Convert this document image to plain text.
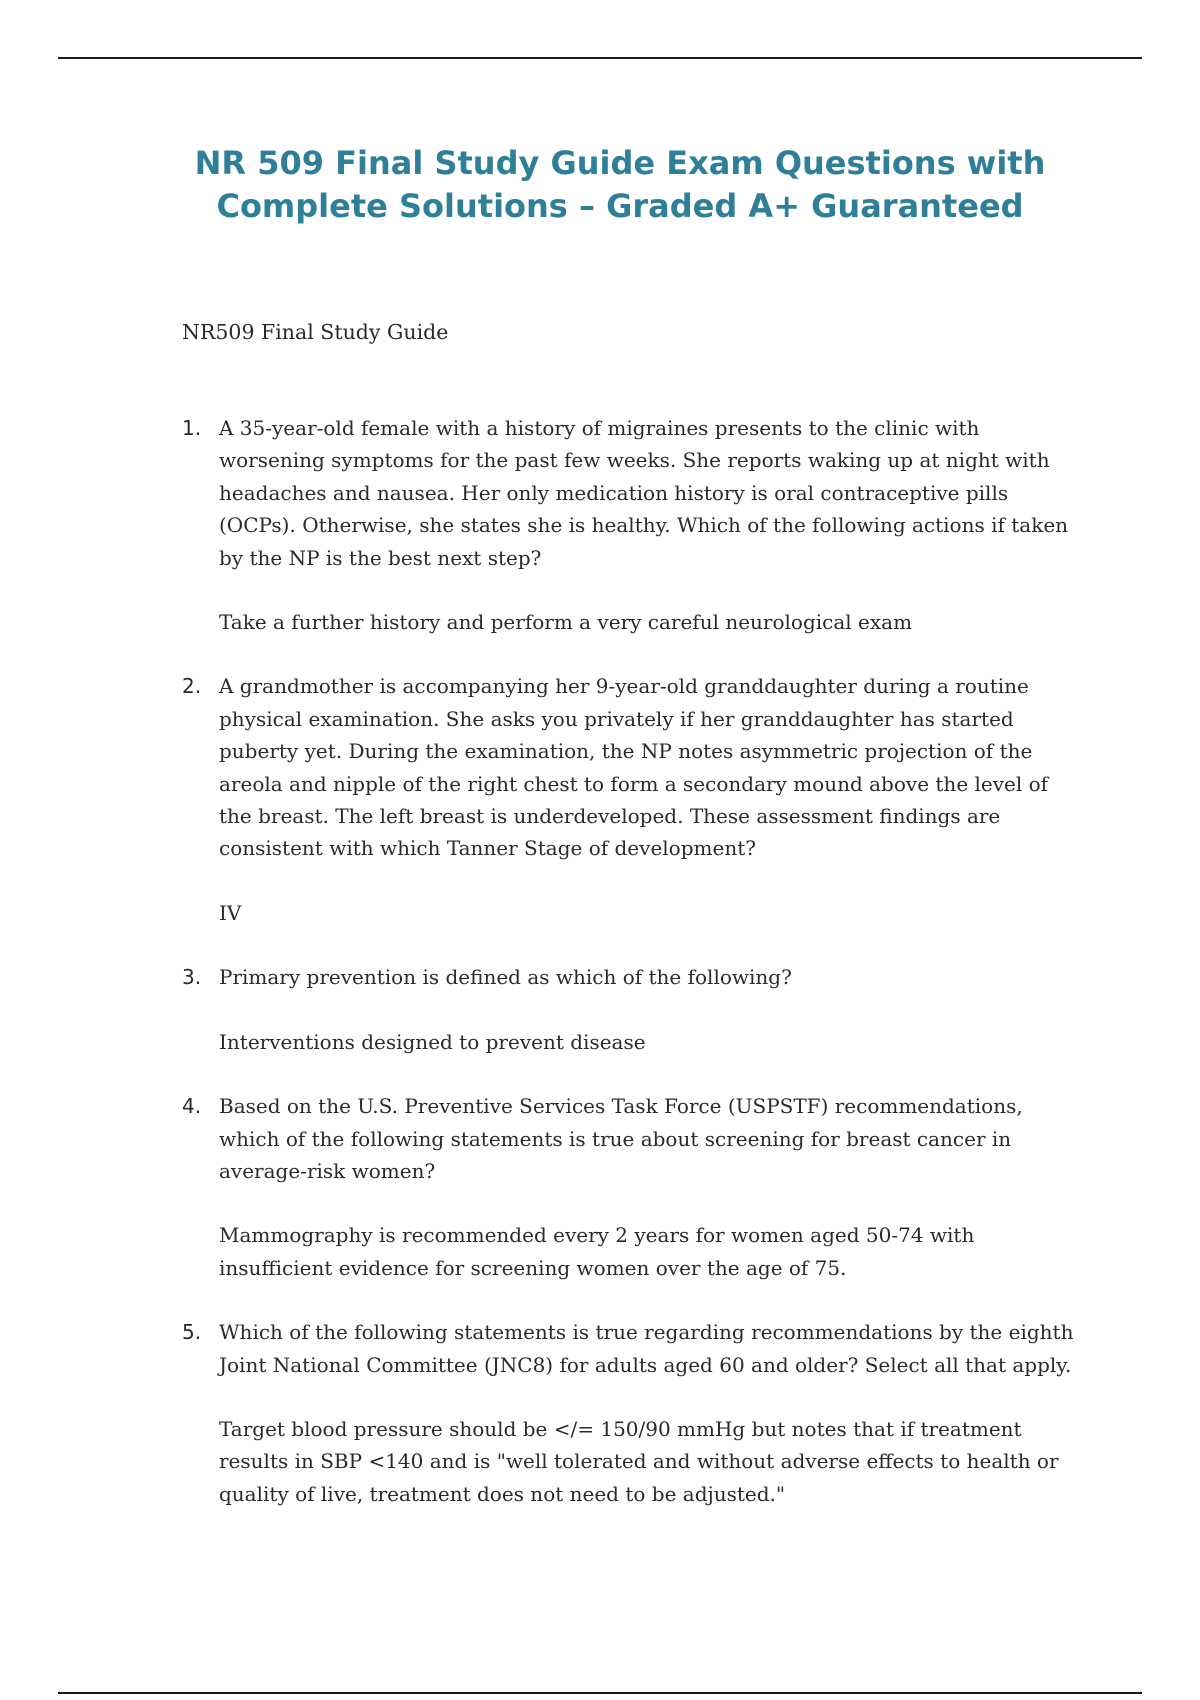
NR 509 Final Study Guide Exam Questions with
Complete Solutions – Graded A+ Guaranteed

NR509 Final Study Guide

1. A 35-year-old female with a history of migraines presents to the clinic with worsening symptoms for the past few weeks. She reports waking up at night with headaches and nausea. Her only medication history is oral contraceptive pills (OCPs). Otherwise, she states she is healthy. Which of the following actions if taken by the NP is the best next step?

Take a further history and perform a very careful neurological exam

2. A grandmother is accompanying her 9-year-old granddaughter during a routine physical examination. She asks you privately if her granddaughter has started puberty yet. During the examination, the NP notes asymmetric projection of the areola and nipple of the right chest to form a secondary mound above the level of the breast. The left breast is underdeveloped. These assessment findings are consistent with which Tanner Stage of development?

IV

3. Primary prevention is defined as which of the following?

Interventions designed to prevent disease

4. Based on the U.S. Preventive Services Task Force (USPSTF) recommendations, which of the following statements is true about screening for breast cancer in average-risk women?

Mammography is recommended every 2 years for women aged 50-74 with insufficient evidence for screening women over the age of 75.

5. Which of the following statements is true regarding recommendations by the eighth Joint National Committee (JNC8) for adults aged 60 and older? Select all that apply.

Target blood pressure should be </= 150/90 mmHg but notes that if treatment results in SBP <140 and is "well tolerated and without adverse effects to health or quality of live, treatment does not need to be adjusted."
